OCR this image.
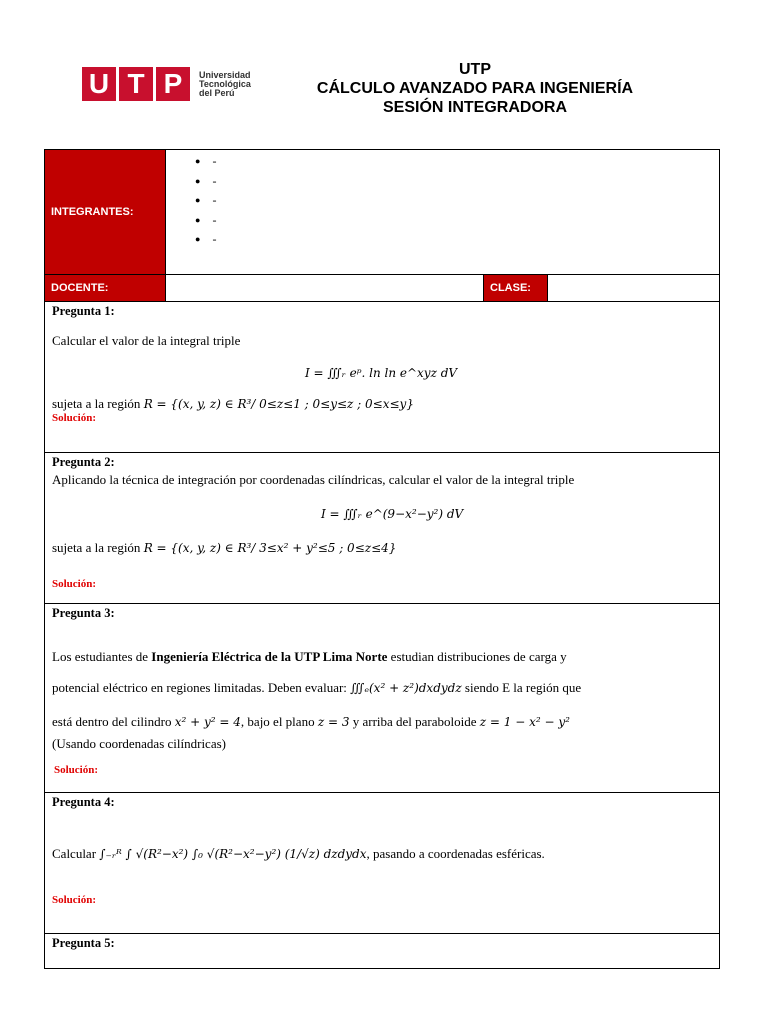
U T P	Universidad
Tecnológica
del Perú
UTP
CÁLCULO AVANZADO PARA INGENIERÍA
SESIÓN INTEGRADORA
INTEGRANTES:
● -
● -
● -
● -
● -
DOCENTE:	CLASE:
Pregunta 1:
Calcular el valor de la integral triple
I = ∭ᵣ eᵖ. ln ln e^xyz dV
sujeta a la región R = {(x, y, z) ∈ R³/ 0≤z≤1 ; 0≤y≤z ; 0≤x≤y}
Solución:
Pregunta 2:
Aplicando la técnica de integración por coordenadas cilíndricas, calcular el valor de la integral triple
I = ∭ᵣ e^(9−x²−y²) dV
sujeta a la región R = {(x, y, z) ∈ R³/ 3≤x² + y²≤5 ; 0≤z≤4}
Solución:
Pregunta 3:
Los estudiantes de Ingeniería Eléctrica de la UTP Lima Norte estudian distribuciones de carga y
potencial eléctrico en regiones limitadas. Deben evaluar: ∭ₑ(x² + z²)dxdydz siendo E la región que
está dentro del cilindro x² + y² = 4, bajo el plano z = 3 y arriba del paraboloide z = 1 − x² − y²
(Usando coordenadas cilíndricas)
Solución:
Pregunta 4:
Calcular ∫₋ᵣᴿ ∫ √(R²−x²) ∫₀ √(R²−x²−y²) (1/√z) dzdydx, pasando a coordenadas esféricas.
Solución:
Pregunta 5:
